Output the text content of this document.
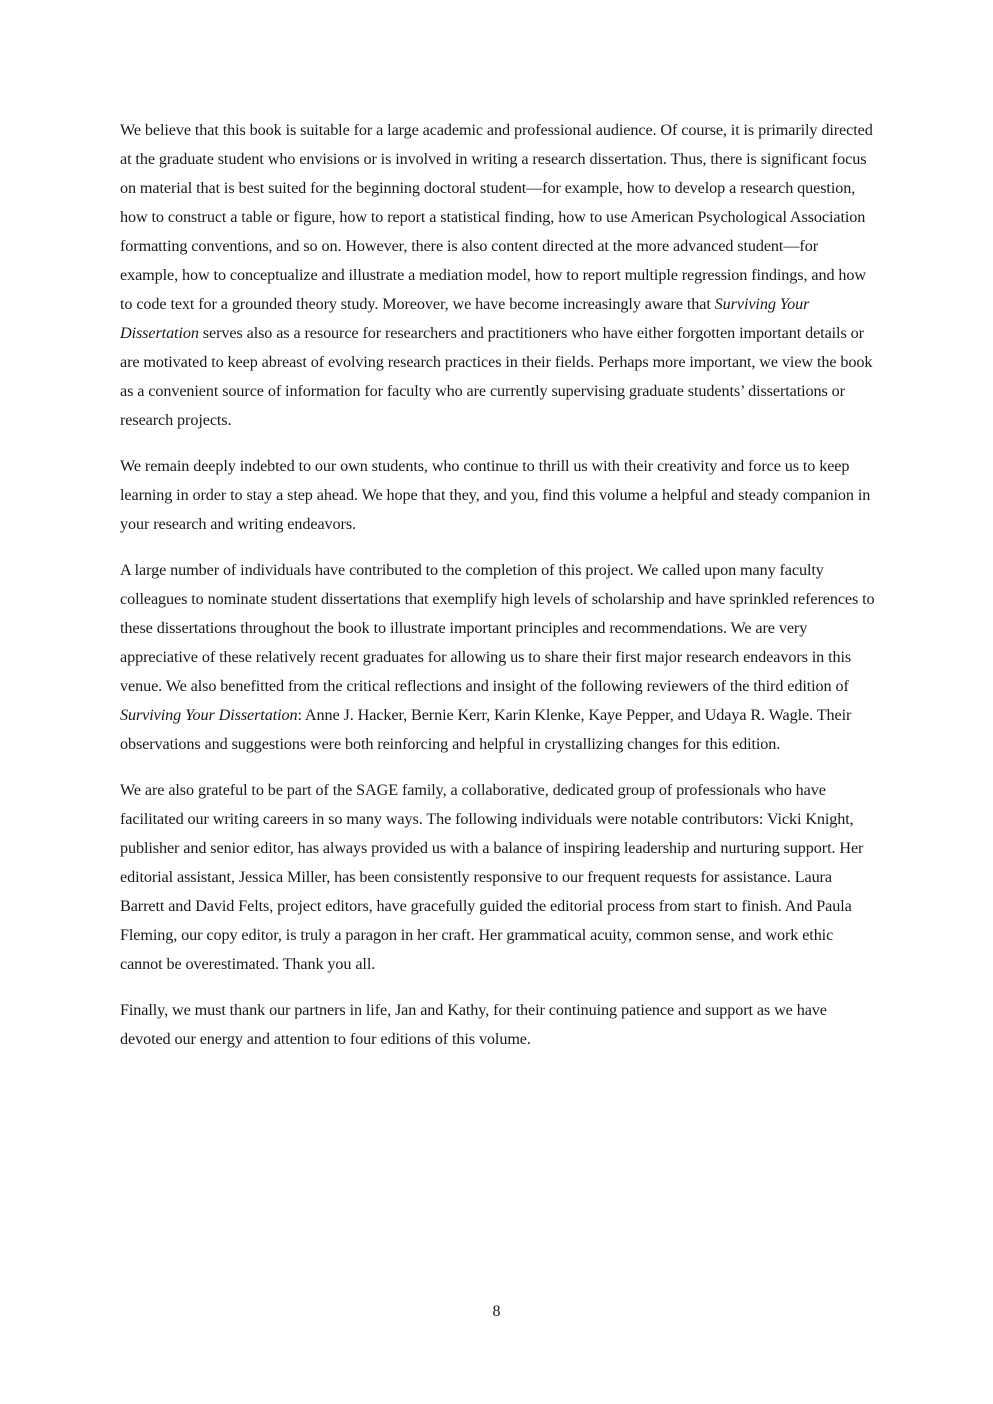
We believe that this book is suitable for a large academic and professional audience. Of course, it is primarily directed at the graduate student who envisions or is involved in writing a research dissertation. Thus, there is significant focus on material that is best suited for the beginning doctoral student—for example, how to develop a research question, how to construct a table or figure, how to report a statistical finding, how to use American Psychological Association formatting conventions, and so on. However, there is also content directed at the more advanced student—for example, how to conceptualize and illustrate a mediation model, how to report multiple regression findings, and how to code text for a grounded theory study. Moreover, we have become increasingly aware that Surviving Your Dissertation serves also as a resource for researchers and practitioners who have either forgotten important details or are motivated to keep abreast of evolving research practices in their fields. Perhaps more important, we view the book as a convenient source of information for faculty who are currently supervising graduate students’ dissertations or research projects.

We remain deeply indebted to our own students, who continue to thrill us with their creativity and force us to keep learning in order to stay a step ahead. We hope that they, and you, find this volume a helpful and steady companion in your research and writing endeavors.

A large number of individuals have contributed to the completion of this project. We called upon many faculty colleagues to nominate student dissertations that exemplify high levels of scholarship and have sprinkled references to these dissertations throughout the book to illustrate important principles and recommendations. We are very appreciative of these relatively recent graduates for allowing us to share their first major research endeavors in this venue. We also benefitted from the critical reflections and insight of the following reviewers of the third edition of Surviving Your Dissertation: Anne J. Hacker, Bernie Kerr, Karin Klenke, Kaye Pepper, and Udaya R. Wagle. Their observations and suggestions were both reinforcing and helpful in crystallizing changes for this edition.

We are also grateful to be part of the SAGE family, a collaborative, dedicated group of professionals who have facilitated our writing careers in so many ways. The following individuals were notable contributors: Vicki Knight, publisher and senior editor, has always provided us with a balance of inspiring leadership and nurturing support. Her editorial assistant, Jessica Miller, has been consistently responsive to our frequent requests for assistance. Laura Barrett and David Felts, project editors, have gracefully guided the editorial process from start to finish. And Paula Fleming, our copy editor, is truly a paragon in her craft. Her grammatical acuity, common sense, and work ethic cannot be overestimated. Thank you all.

Finally, we must thank our partners in life, Jan and Kathy, for their continuing patience and support as we have devoted our energy and attention to four editions of this volume.

8
